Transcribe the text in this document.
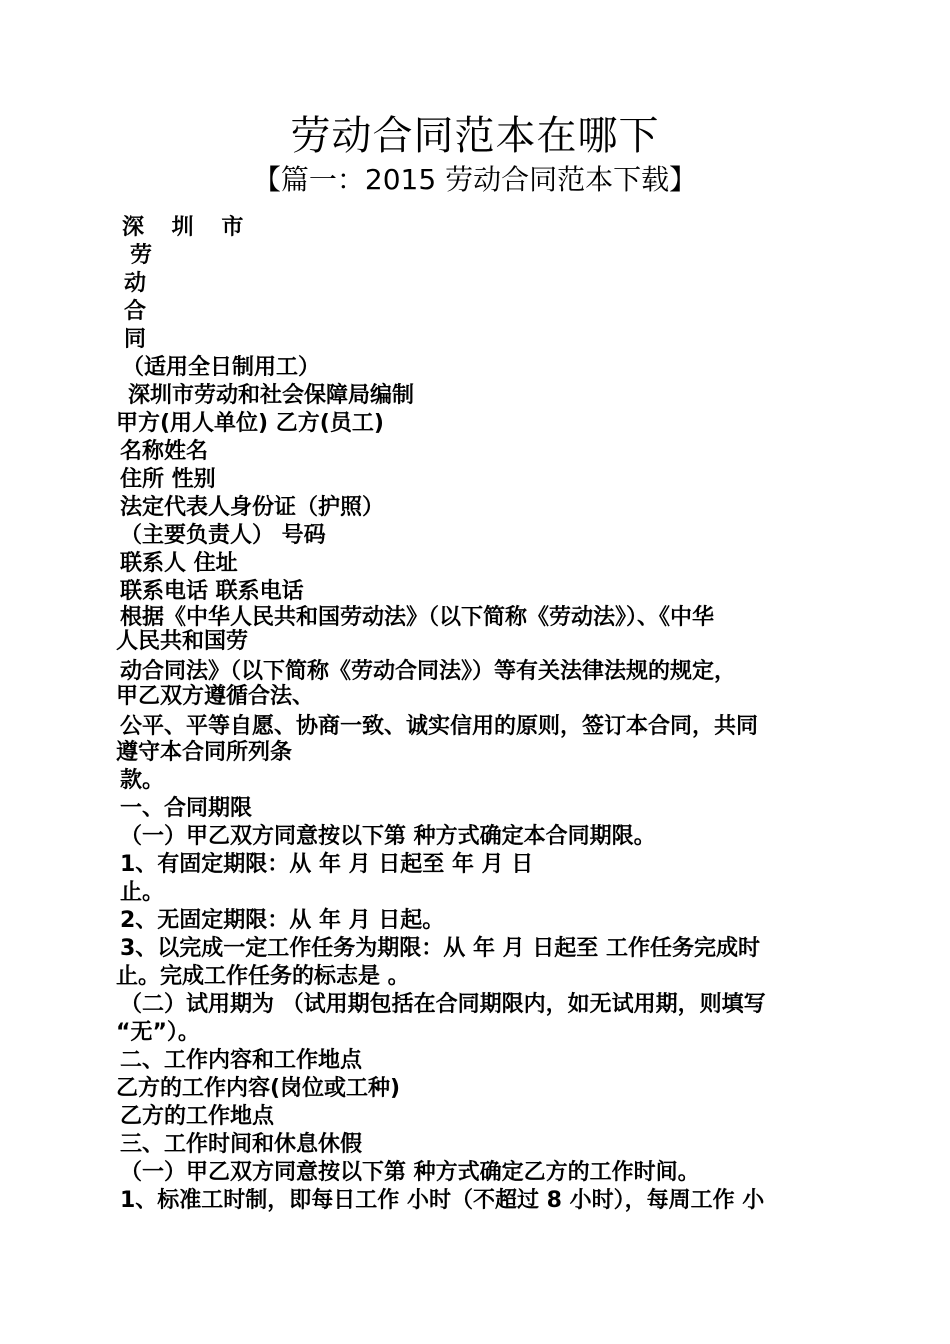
劳动合同范本在哪下
【篇一：2015 劳动合同范本下载】
深 圳 市
劳
动
合
同
（适用全日制用工）
深圳市劳动和社会保障局编制
甲方(用人单位) 乙方(员工)
名称姓名
住所 性别
法定代表人身份证（护照）
（主要负责人） 号码
联系人 住址
联系电话 联系电话
根据《中华人民共和国劳动法》（以下简称《劳动法》）、《中华
人民共和国劳
动合同法》（以下简称《劳动合同法》）等有关法律法规的规定，
甲乙双方遵循合法、
公平、平等自愿、协商一致、诚实信用的原则，签订本合同，共同
遵守本合同所列条
款。
一、合同期限
（一）甲乙双方同意按以下第 种方式确定本合同期限。
1、有固定期限：从 年 月 日起至 年 月 日
止。
2、无固定期限：从 年 月 日起。
3、以完成一定工作任务为期限：从 年 月 日起至 工作任务完成时
止。完成工作任务的标志是 。
（二）试用期为 （试用期包括在合同期限内，如无试用期，则填写
“无”）。
二、工作内容和工作地点
乙方的工作内容(岗位或工种)
乙方的工作地点
三、工作时间和休息休假
（一）甲乙双方同意按以下第 种方式确定乙方的工作时间。
1、标准工时制，即每日工作 小时（不超过 8 小时），每周工作 小
